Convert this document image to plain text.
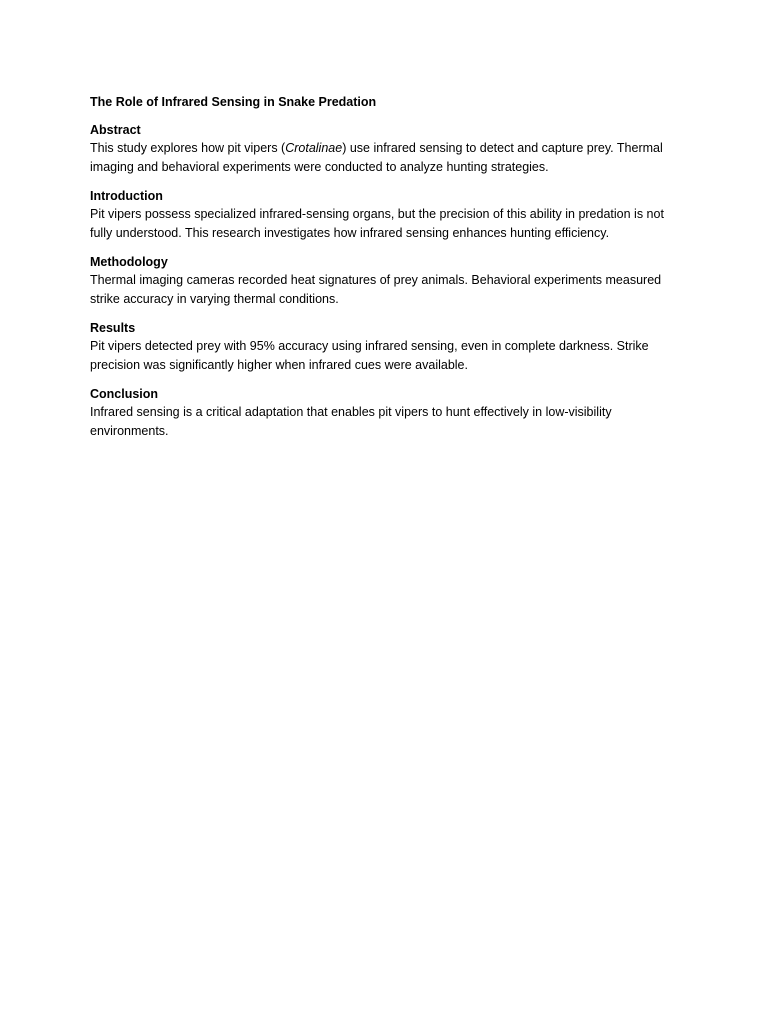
The Role of Infrared Sensing in Snake Predation

Abstract

This study explores how pit vipers (Crotalinae) use infrared sensing to detect and capture prey. Thermal imaging and behavioral experiments were conducted to analyze hunting strategies.

Introduction

Pit vipers possess specialized infrared-sensing organs, but the precision of this ability in predation is not fully understood. This research investigates how infrared sensing enhances hunting efficiency.

Methodology

Thermal imaging cameras recorded heat signatures of prey animals. Behavioral experiments measured strike accuracy in varying thermal conditions.

Results

Pit vipers detected prey with 95% accuracy using infrared sensing, even in complete darkness. Strike precision was significantly higher when infrared cues were available.

Conclusion

Infrared sensing is a critical adaptation that enables pit vipers to hunt effectively in low-visibility environments.
